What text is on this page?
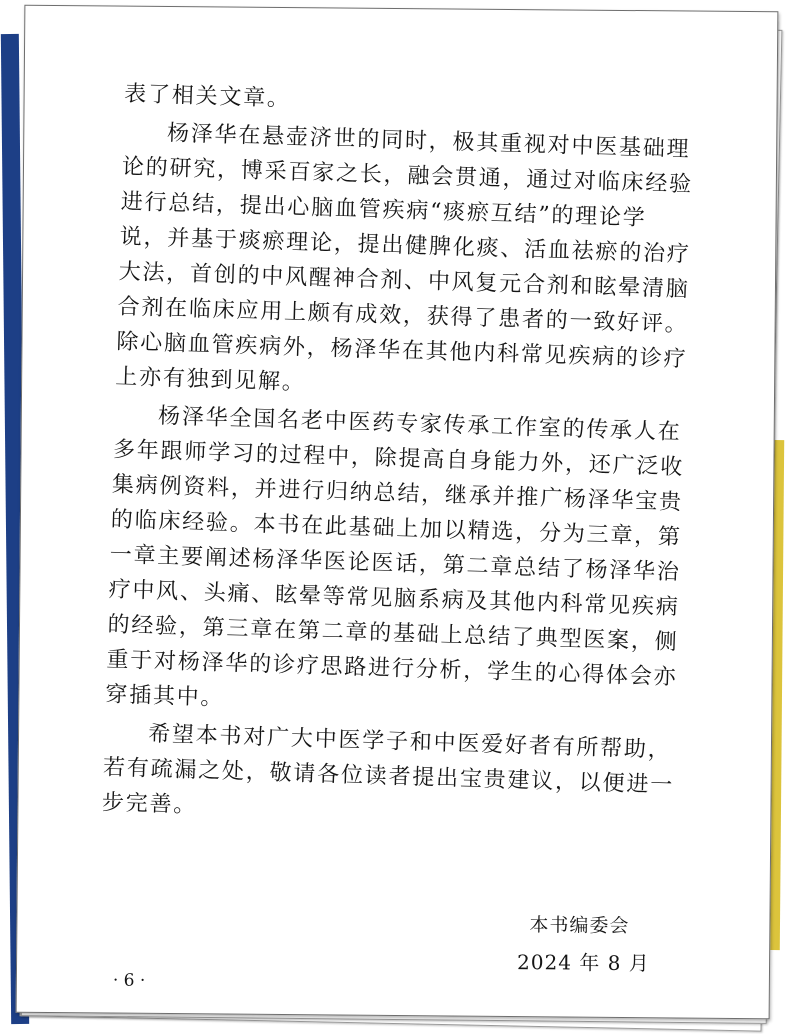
表了相关文章。

杨泽华在悬壶济世的同时，极其重视对中医基础理
论的研究，博采百家之长，融会贯通，通过对临床经验
进行总结，提出心脑血管疾病“痰瘀互结”的理论学
说，并基于痰瘀理论，提出健脾化痰、活血祛瘀的治疗
大法，首创的中风醒神合剂、中风复元合剂和眩晕清脑
合剂在临床应用上颇有成效，获得了患者的一致好评。
除心脑血管疾病外，杨泽华在其他内科常见疾病的诊疗
上亦有独到见解。

杨泽华全国名老中医药专家传承工作室的传承人在
多年跟师学习的过程中，除提高自身能力外，还广泛收
集病例资料，并进行归纳总结，继承并推广杨泽华宝贵
的临床经验。本书在此基础上加以精选，分为三章，第
一章主要阐述杨泽华医论医话，第二章总结了杨泽华治
疗中风、头痛、眩晕等常见脑系病及其他内科常见疾病
的经验，第三章在第二章的基础上总结了典型医案，侧
重于对杨泽华的诊疗思路进行分析，学生的心得体会亦
穿插其中。

希望本书对广大中医学子和中医爱好者有所帮助，
若有疏漏之处，敬请各位读者提出宝贵建议，以便进一
步完善。

本书编委会
2024 年 8 月
· 6 ·
